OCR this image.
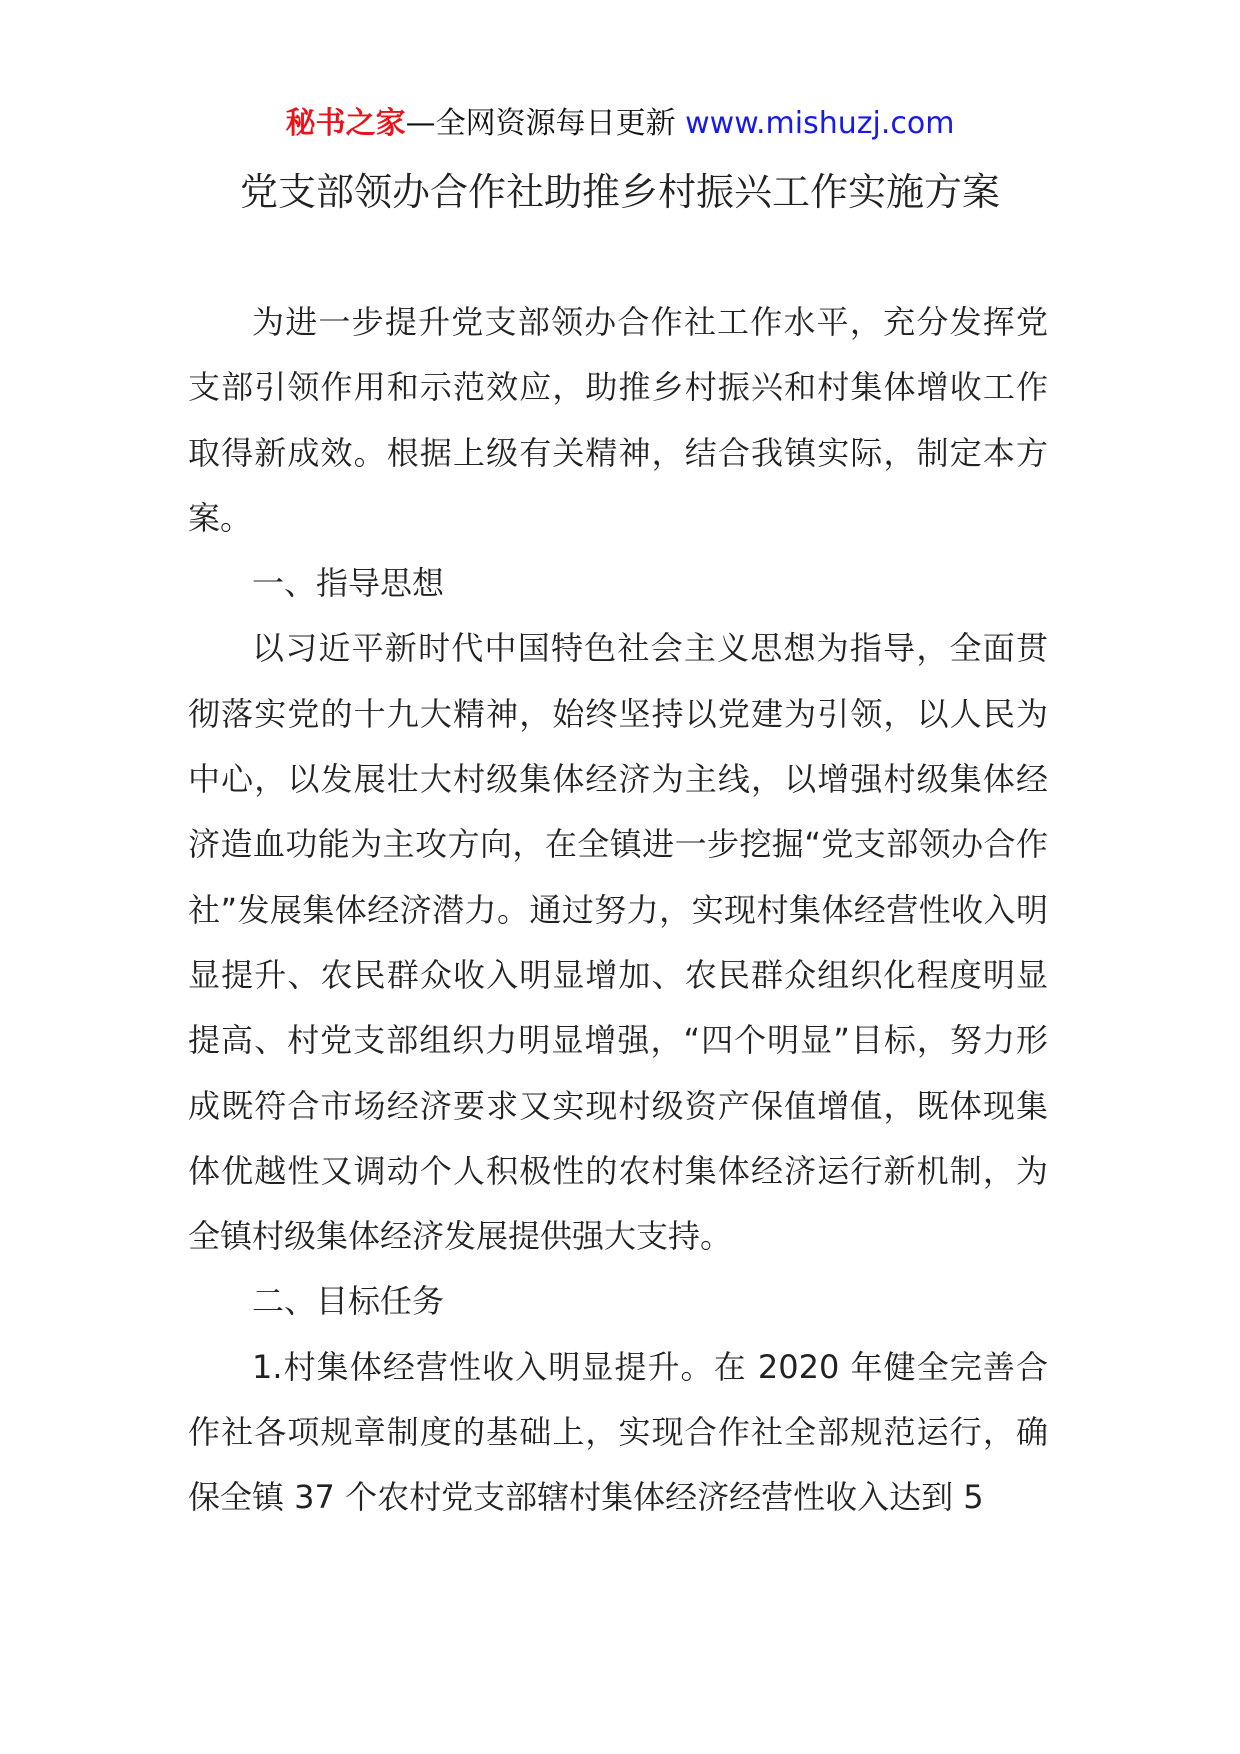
秘书之家—全网资源每日更新 www.mishuzj.com
党支部领办合作社助推乡村振兴工作实施方案

为进一步提升党支部领办合作社工作水平，充分发挥党支部引领作用和示范效应，助推乡村振兴和村集体增收工作取得新成效。根据上级有关精神，结合我镇实际，制定本方案。

一、指导思想

以习近平新时代中国特色社会主义思想为指导，全面贯彻落实党的十九大精神，始终坚持以党建为引领，以人民为中心，以发展壮大村级集体经济为主线，以增强村级集体经济造血功能为主攻方向，在全镇进一步挖掘“党支部领办合作社”发展集体经济潜力。通过努力，实现村集体经营性收入明显提升、农民群众收入明显增加、农民群众组织化程度明显提高、村党支部组织力明显增强，“四个明显”目标，努力形成既符合市场经济要求又实现村级资产保值增值，既体现集体优越性又调动个人积极性的农村集体经济运行新机制，为全镇村级集体经济发展提供强大支持。

二、目标任务

1.村集体经营性收入明显提升。在 2020 年健全完善合作社各项规章制度的基础上，实现合作社全部规范运行，确保全镇 37 个农村党支部辖村集体经济经营性收入达到 5
